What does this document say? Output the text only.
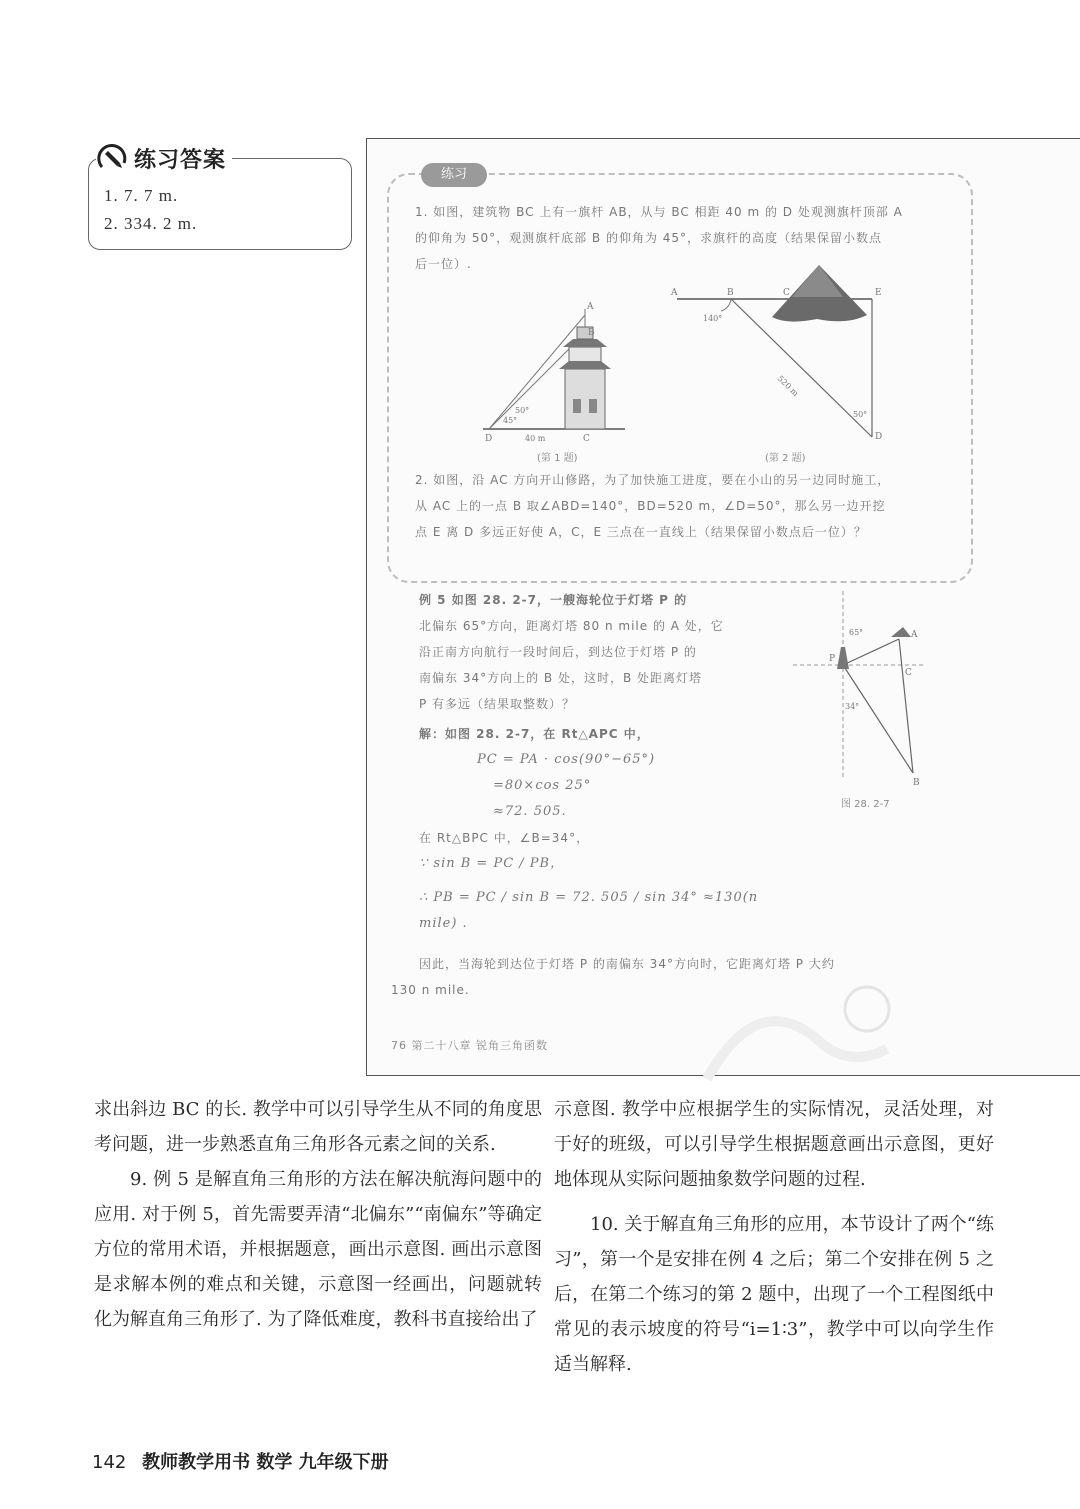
练习答案
1. 7. 7 m.
2. 334. 2 m.
练习
1. 如图，建筑物 BC 上有一旗杆 AB，从与 BC 相距 40 m 的 D 处观测旗杆顶部 A
的仰角为 50°，观测旗杆底部 B 的仰角为 45°，求旗杆的高度（结果保留小数点
后一位）.
A
B
C
D
45°
50°
40 m
(第 1 题)
A	B	C	E
D
140°
520 m
50°
(第 2 题)
2. 如图，沿 AC 方向开山修路，为了加快施工进度，要在小山的另一边同时施工，
从 AC 上的一点 B 取∠ABD=140°，BD=520 m，∠D=50°，那么另一边开挖
点 E 离 D 多远正好使 A，C，E 三点在一直线上（结果保留小数点后一位）？
例 5 如图 28. 2-7，一艘海轮位于灯塔 P 的
北偏东 65°方向，距离灯塔 80 n mile 的 A 处，它
沿正南方向航行一段时间后，到达位于灯塔 P 的
南偏东 34°方向上的 B 处，这时，B 处距离灯塔
P 有多远（结果取整数）？
P
A
C
B
65°
34°
图 28. 2-7
解：如图 28. 2-7，在 Rt△APC 中，
PC = PA · cos(90°−65°)
=80×cos 25°
≈72. 505.
在 Rt△BPC 中，∠B=34°，
∵ sin B = PC / PB，
∴ PB = PC / sin B = 72. 505 / sin 34° ≈130(n mile) .
因此，当海轮到达位于灯塔 P 的南偏东 34°方向时，它距离灯塔 P 大约
130 n mile.
76 第二十八章 锐角三角函数

求出斜边 BC 的长. 教学中可以引导学生从不同的角度思考问题，进一步熟悉直角三角形各元素之间的关系.

9. 例 5 是解直角三角形的方法在解决航海问题中的应用. 对于例 5，首先需要弄清“北偏东”“南偏东”等确定方位的常用术语，并根据题意，画出示意图. 画出示意图是求解本例的难点和关键，示意图一经画出，问题就转化为解直角三角形了. 为了降低难度，教科书直接给出了

示意图. 教学中应根据学生的实际情况，灵活处理，对于好的班级，可以引导学生根据题意画出示意图，更好地体现从实际问题抽象数学问题的过程.

10. 关于解直角三角形的应用，本节设计了两个“练习”，第一个是安排在例 4 之后；第二个安排在例 5 之后，在第二个练习的第 2 题中，出现了一个工程图纸中常见的表示坡度的符号“i=1∶3”，教学中可以向学生作适当解释.

142 教师教学用书 数学 九年级下册
